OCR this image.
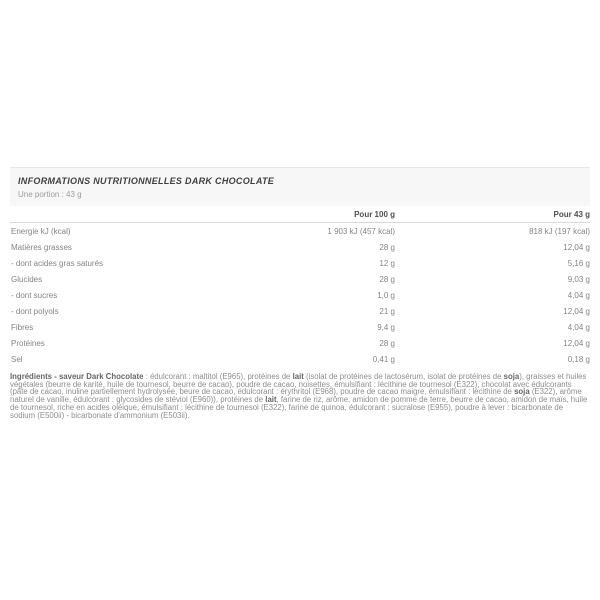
INFORMATIONS NUTRITIONNELLES DARK CHOCOLATE
Une portion : 43 g
Pour 100 g	Pour 43 g
Energie kJ (kcal)	1 903 kJ (457 kcal)	818 kJ (197 kcal)
Matières grasses	28 g	12,04 g
- dont acides gras saturés	12 g	5,16 g
Glucides	28 g	9,03 g
- dont sucres	1,0 g	4,04 g
- dont polyols	21 g	12,04 g
Fibres	9,4 g	4,04 g
Protéines	28 g	12,04 g
Sel	0,41 g	0,18 g
Ingrédients - saveur Dark Chocolate : édulcorant : maltitol (E965), protéines de lait (isolat de protéines de lactosérum, isolat de protéines de soja), graisses et huiles végétales (beurre de karité, huile de tournesol, beurre de cacao), poudre de cacao, noisettes, émulsifiant : lécithine de tournesol (E322), chocolat avec édulcorants (pâte de cacao, inuline partiellement hydrolysée, beure de cacao, édulcorant : érythritol (E968), poudre de cacao maigre, émulsifiant : lécithine de soja (E322), arôme naturel de vanille, édulcorant : glycosides de stéviol (E960)), protéines de lait, farine de riz, arôme, amidon de pomme de terre, beurre de cacao, amidon de maïs, huile de tournesol, riche en acides oléique, émulsifiant : lécithine de tournesol (E322), farine de quinoa, édulcorant : sucralose (E955), poudre à lever : bicarbonate de sodium (E500ii) - bicarbonate d'ammonium (E503ii).
